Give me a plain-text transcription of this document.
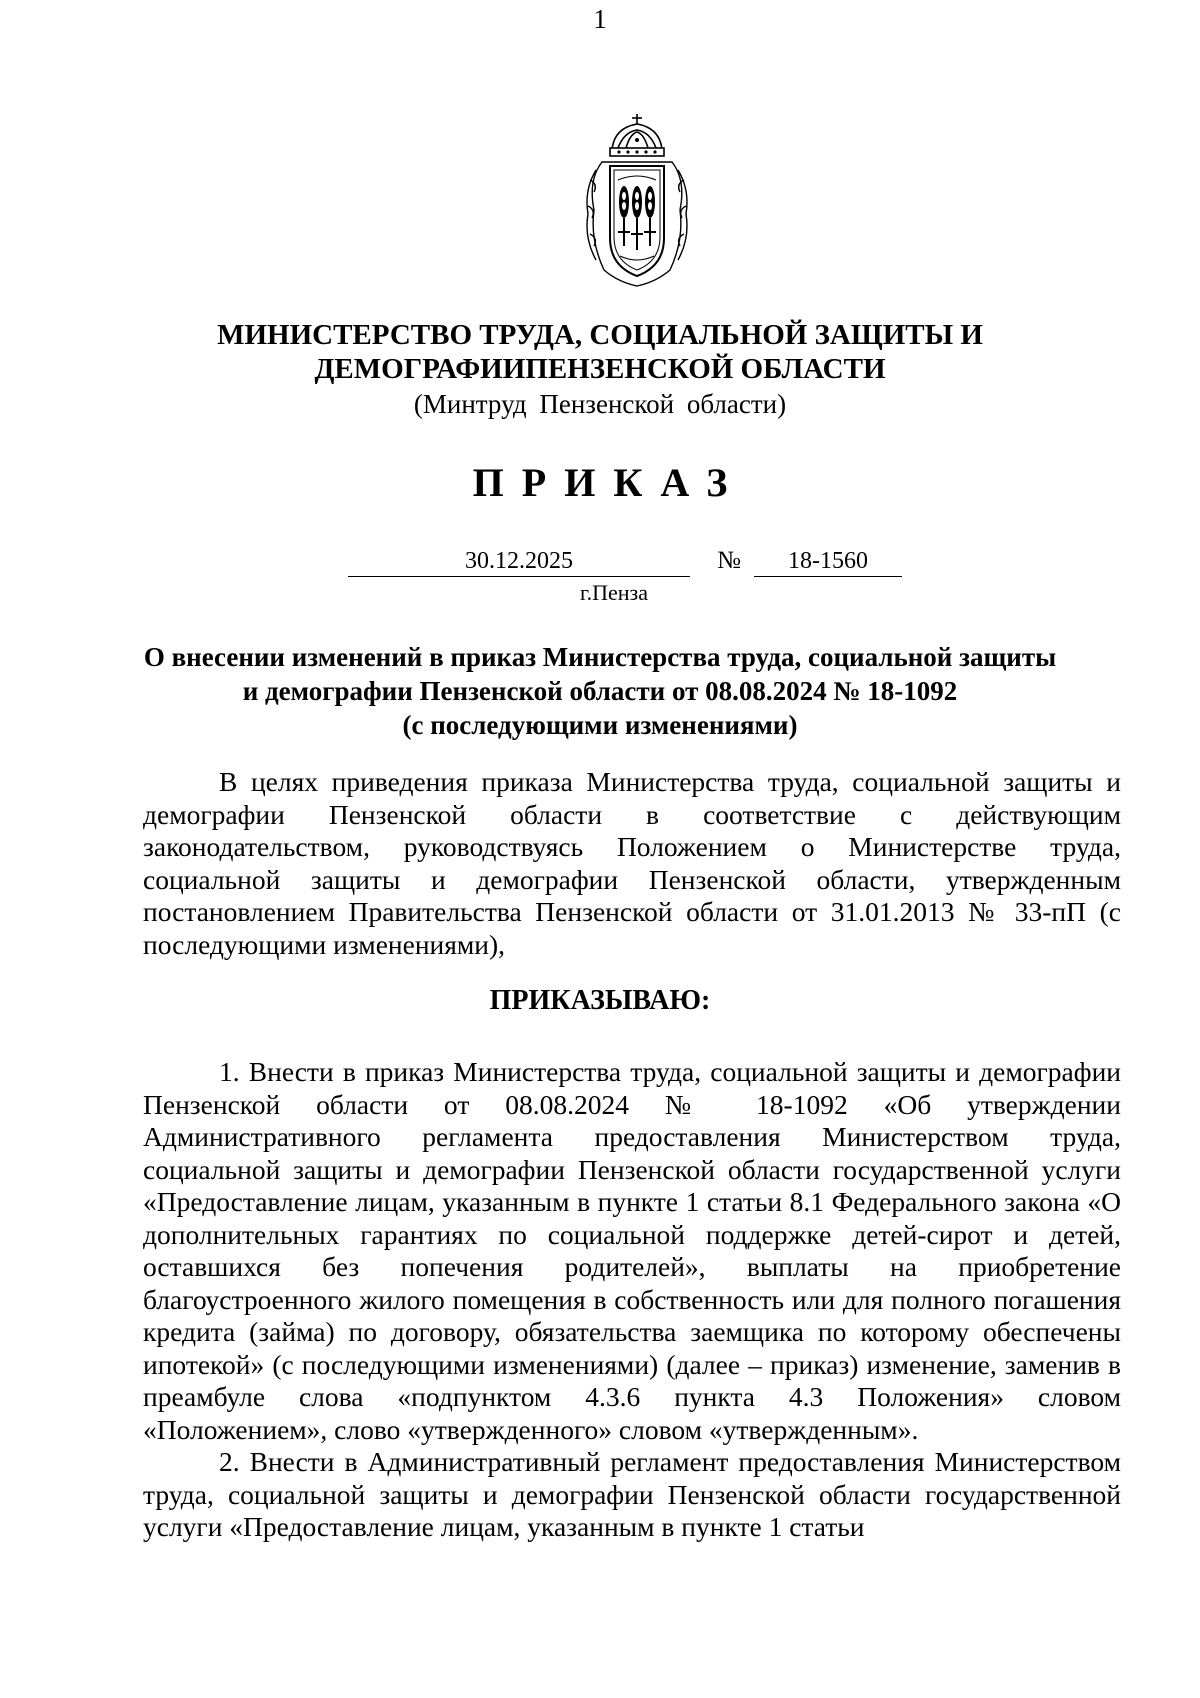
1
МИНИСТЕРСТВО ТРУДА, СОЦИАЛЬНОЙ ЗАЩИТЫ И
ДЕМОГРАФИИПЕНЗЕНСКОЙ ОБЛАСТИ
(Минтруд Пензенской области)
ПРИКАЗ
30.12.2025	№	18-1560
г.Пенза
О внесении изменений в приказ Министерства труда, социальной защиты
и демографии Пензенской области от 08.08.2024 № 18-1092
(с последующими изменениями)

В целях приведения приказа Министерства труда, социальной защиты и демографии Пензенской области в соответствие с действующим законодательством, руководствуясь Положением о Министерстве труда, социальной защиты и демографии Пензенской области, утвержденным постановлением Правительства Пензенской области от 31.01.2013 № 33-пП (с последующими изменениями),

ПРИКАЗЫВАЮ:

1. Внести в приказ Министерства труда, социальной защиты и демографии Пензенской области от 08.08.2024 № 18-1092 «Об утверждении Административного регламента предоставления Министерством труда, социальной защиты и демографии Пензенской области государственной услуги «Предоставление лицам, указанным в пункте 1 статьи 8.1 Федерального закона «О дополнительных гарантиях по социальной поддержке детей-сирот и детей, оставшихся без попечения родителей», выплаты на приобретение благоустроенного жилого помещения в собственность или для полного погашения кредита (займа) по договору, обязательства заемщика по которому обеспечены ипотекой» (с последующими изменениями) (далее – приказ) изменение, заменив в преамбуле слова «подпунктом 4.3.6 пункта 4.3 Положения» словом «Положением», слово «утвержденного» словом «утвержденным».

2. Внести в Административный регламент предоставления Министерством труда, социальной защиты и демографии Пензенской области государственной услуги «Предоставление лицам, указанным в пункте 1 статьи
